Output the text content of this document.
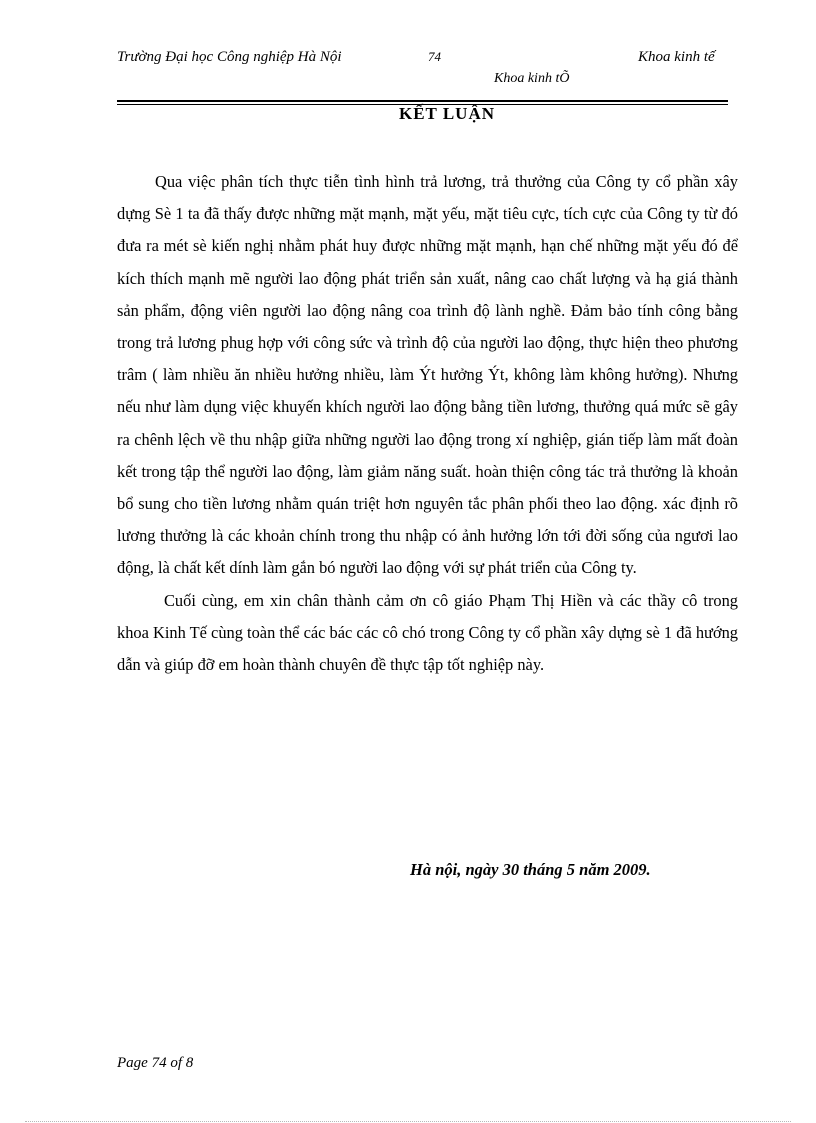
Trường Đại học Công nghiệp Hà Nội	74	Khoa kinh tế
Khoa kinh tÕ
KẾT LUẬN

Qua việc phân tích thực tiễn tình hình trả lương, trả thưởng của Công ty cổ phần xây dựng Sè 1 ta đã thấy được những mặt mạnh, mặt yếu, mặt tiêu cực, tích cực của Công ty từ đó đưa ra mét sè kiến nghị nhằm phát huy được những mặt mạnh, hạn chế những mặt yếu đó để kích thích mạnh mẽ người lao động phát triển sản xuất, nâng cao chất lượng và hạ giá thành sản phẩm, động viên người lao động nâng coa trình độ lành nghề. Đảm bảo tính công bằng trong trả lương phug hợp với công sức và trình độ của người lao động, thực hiện theo phương trâm ( làm nhiều ăn nhiều hưởng nhiều, làm Ýt hưởng Ýt, không làm không hưởng). Nhưng nếu như làm dụng việc khuyến khích người lao động bằng tiền lương, thưởng quá mức sẽ gây ra chênh lệch về thu nhập giữa những người lao động trong xí nghiệp, gián tiếp làm mất đoàn kết trong tập thể người lao động, làm giảm năng suất. hoàn thiện công tác trả thưởng là khoản bổ sung cho tiền lương nhằm quán triệt hơn nguyên tắc phân phối theo lao động. xác định rõ lương thưởng là các khoản chính trong thu nhập có ảnh hưởng lớn tới đời sống của ngươi lao động, là chất kết dính làm gắn bó người lao động với sự phát triển của Công ty.

Cuối cùng, em xin chân thành cảm ơn cô giáo Phạm Thị Hiền và các thầy cô trong khoa Kinh Tế cùng toàn thể các bác các cô chó trong Công ty cổ phần xây dựng sè 1 đã hướng dẫn và giúp đỡ em hoàn thành chuyên đề thực tập tốt nghiệp này.

Hà nội, ngày 30 tháng 5 năm 2009.
Page 74 of 8
